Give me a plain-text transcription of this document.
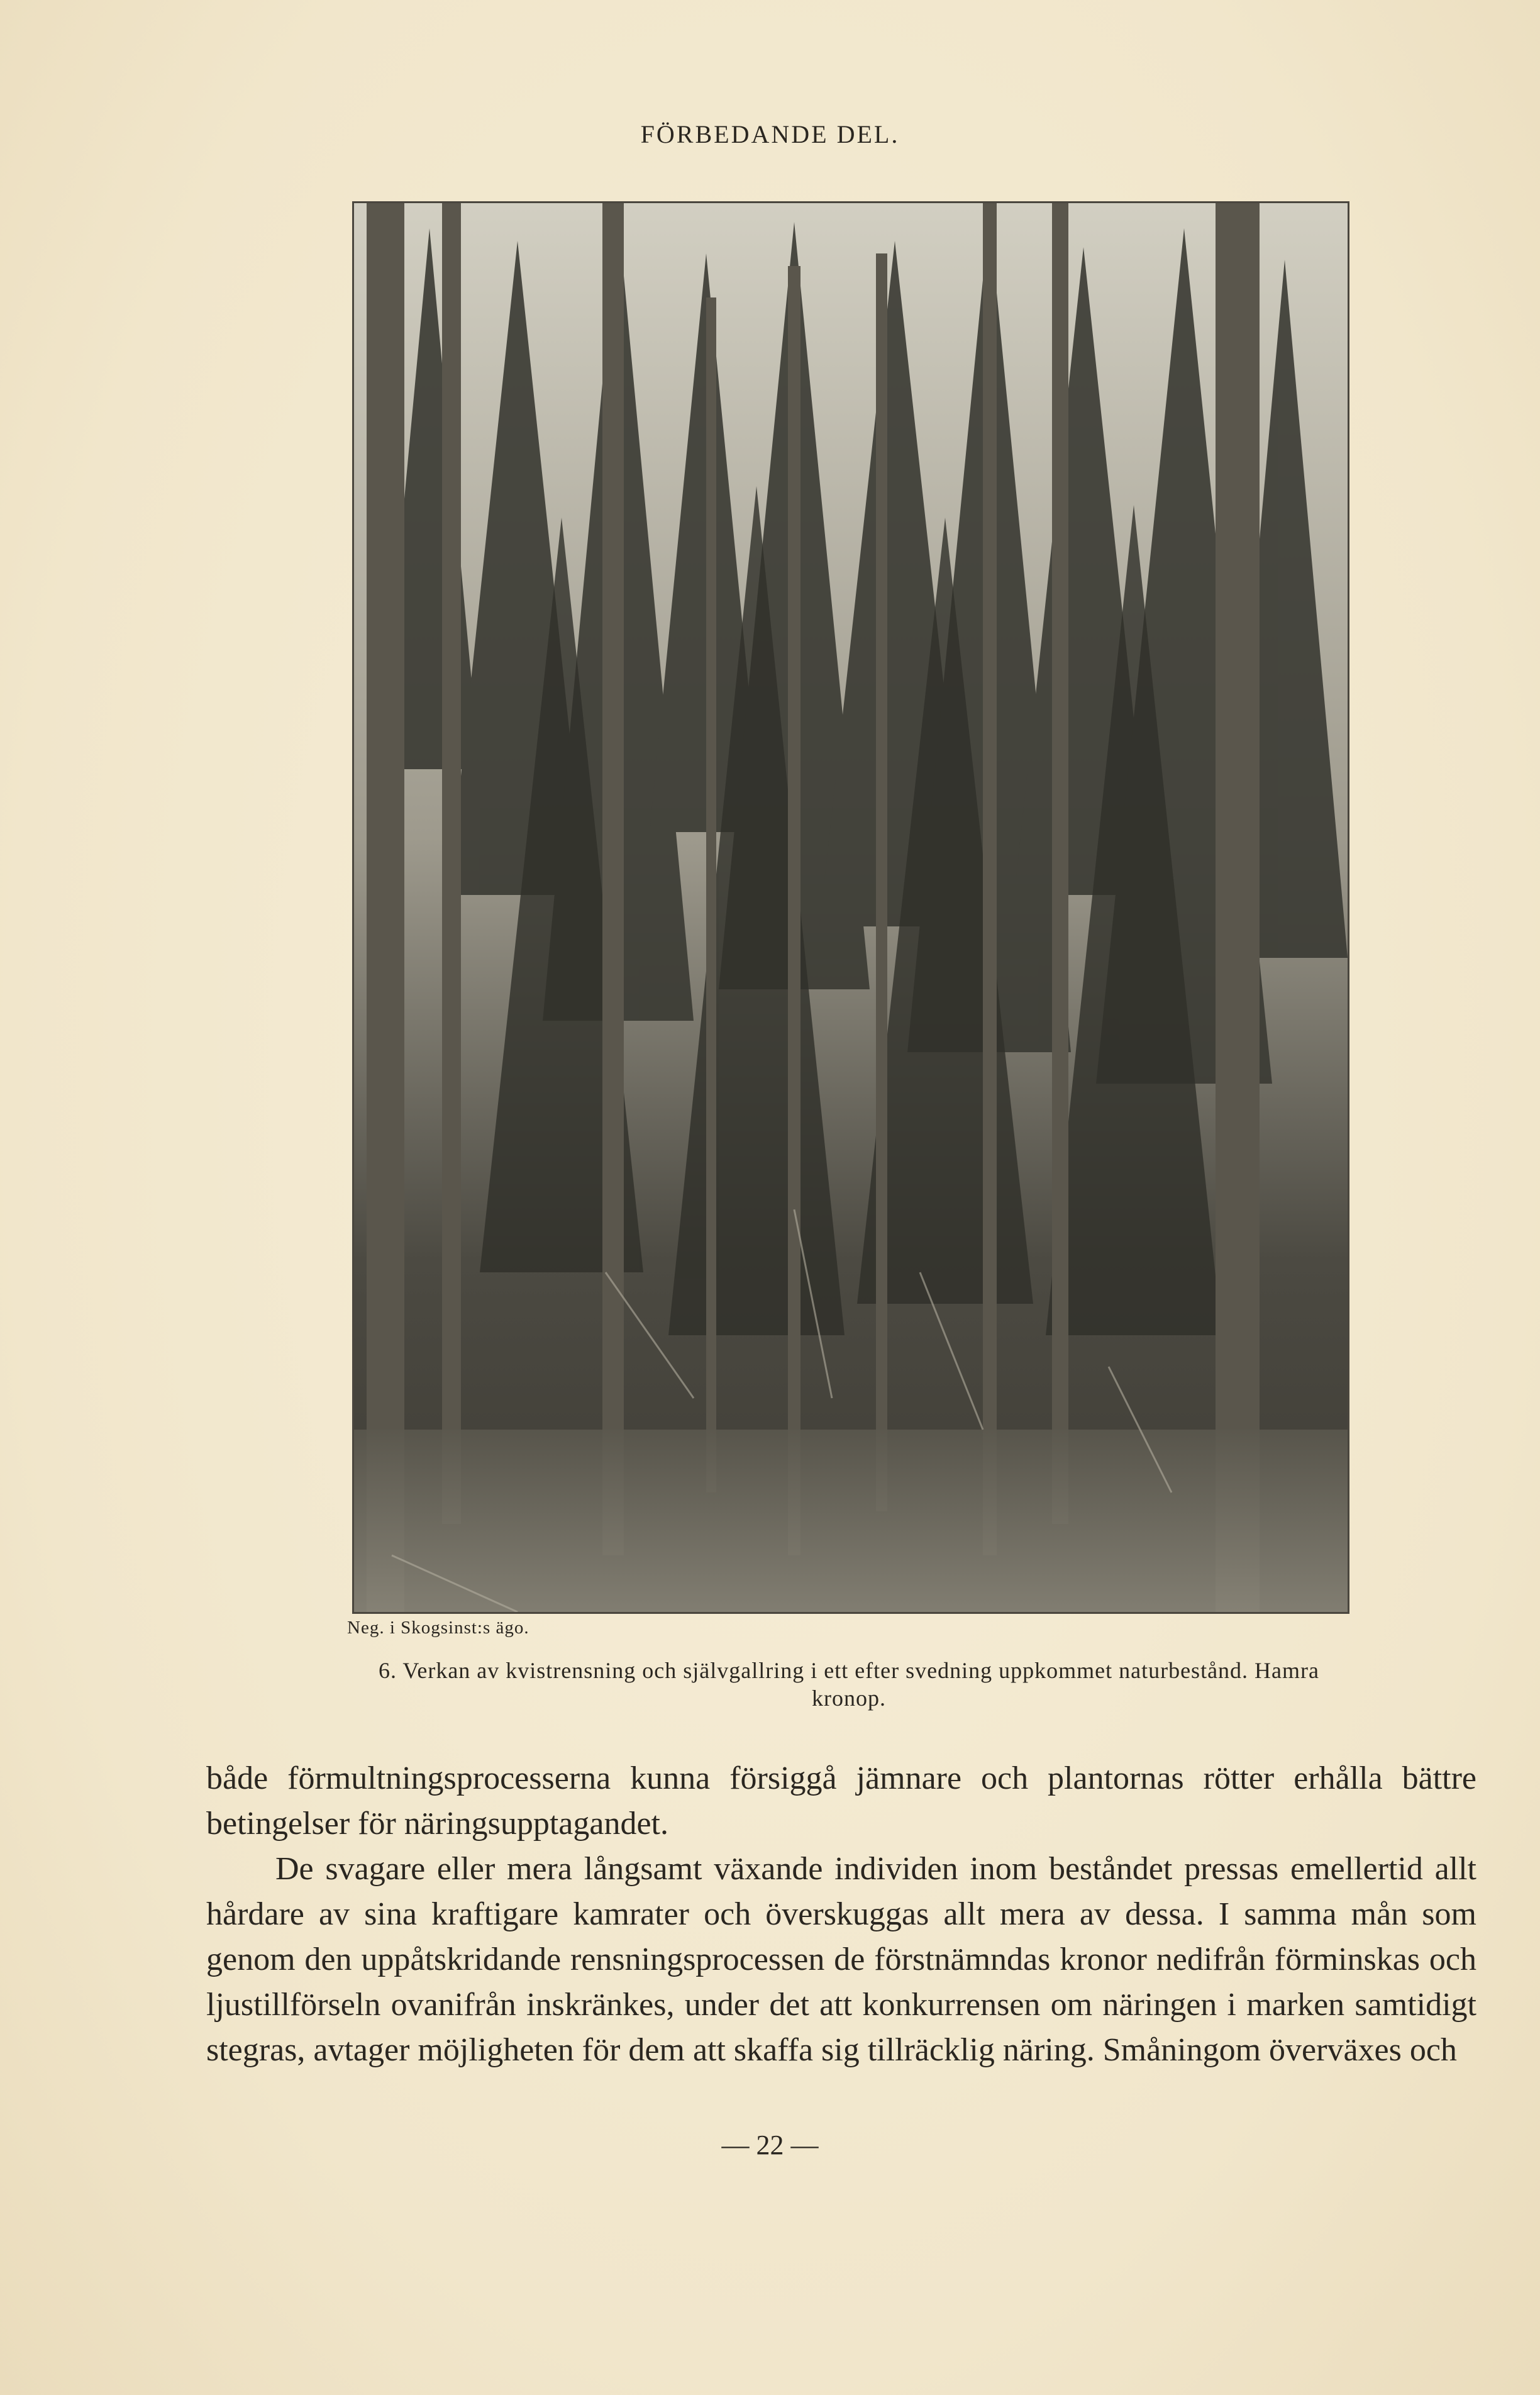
FÖRBEDANDE DEL.
Neg. i Skogsinst:s ägo.
6. Verkan av kvistrensning och självgallring i ett efter svedning uppkommet naturbestånd. Hamra kronop.

både förmultningsprocesserna kunna försiggå jämnare och plantornas rötter erhålla bättre betingelser för näringsupptagandet.

De svagare eller mera långsamt växande individen inom beståndet pressas emellertid allt hårdare av sina kraftigare kamrater och överskuggas allt mera av dessa. I samma mån som genom den uppåtskridande rensningsprocessen de förstnämndas kronor nedifrån förminskas och ljustillförseln ovanifrån inskränkes, under det att konkurrensen om näringen i marken samtidigt stegras, avtager möjligheten för dem att skaffa sig tillräcklig näring. Småningom överväxes och

— 22 —
